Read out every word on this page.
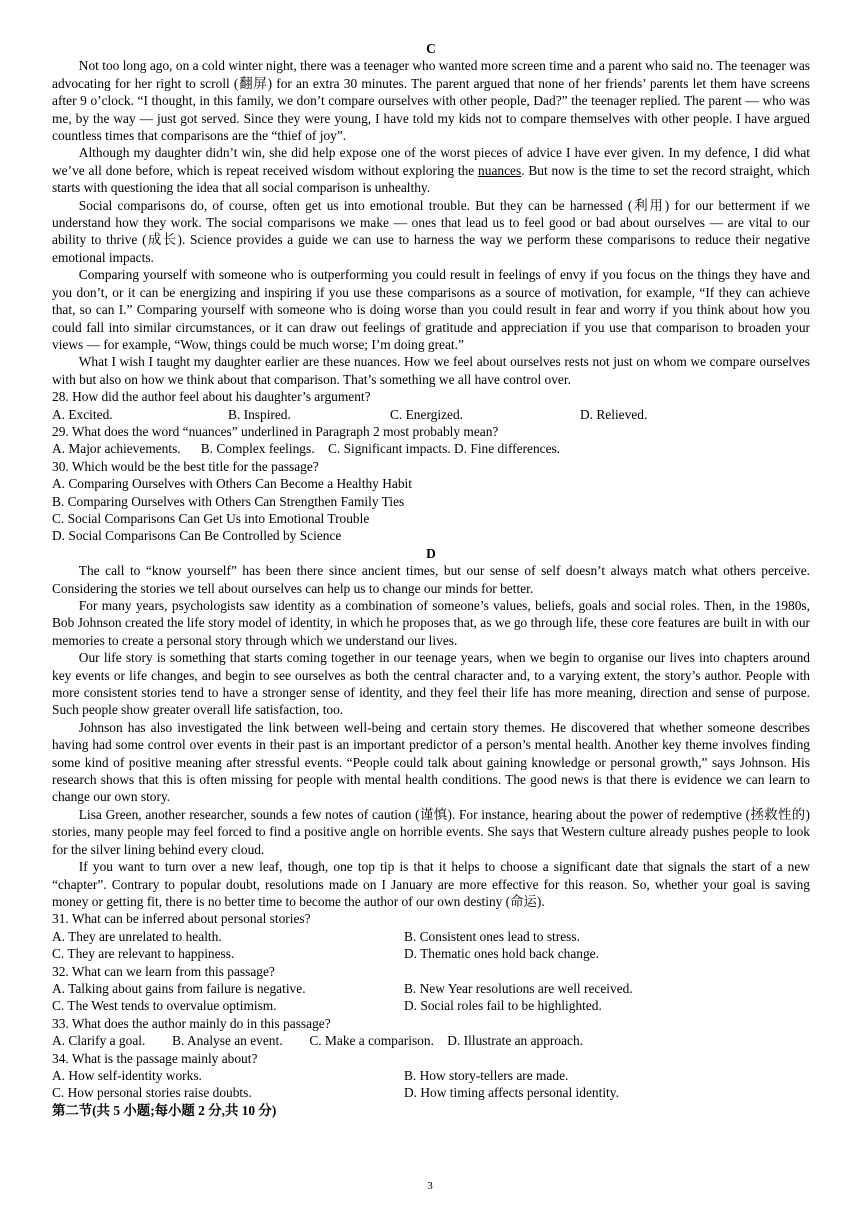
C

Not too long ago, on a cold winter night, there was a teenager who wanted more screen time and a parent who said no. The teenager was advocating for her right to scroll (翻屏) for an extra 30 minutes. The parent argued that none of her friends’ parents let them have screens after 9 o’clock. “I thought, in this family, we don’t compare ourselves with other people, Dad?” the teenager replied. The parent — who was me, by the way — just got served. Since they were young, I have told my kids not to compare themselves with other people. I have argued countless times that comparisons are the “thief of joy”.

Although my daughter didn’t win, she did help expose one of the worst pieces of advice I have ever given. In my defence, I did what we’ve all done before, which is repeat received wisdom without exploring the nuances. But now is the time to set the record straight, which starts with questioning the idea that all social comparison is unhealthy.

Social comparisons do, of course, often get us into emotional trouble. But they can be harnessed (利用) for our betterment if we understand how they work. The social comparisons we make — ones that lead us to feel good or bad about ourselves — are vital to our ability to thrive (成长). Science provides a guide we can use to harness the way we perform these comparisons to reduce their negative emotional impacts.

Comparing yourself with someone who is outperforming you could result in feelings of envy if you focus on the things they have and you don’t, or it can be energizing and inspiring if you use these comparisons as a source of motivation, for example, “If they can achieve that, so can I.” Comparing yourself with someone who is doing worse than you could result in fear and worry if you think about how you could fall into similar circumstances, or it can draw out feelings of gratitude and appreciation if you use that comparison to broaden your views — for example, “Wow, things could be much worse; I’m doing great.”

What I wish I taught my daughter earlier are these nuances. How we feel about ourselves rests not just on whom we compare ourselves with but also on how we think about that comparison. That’s something we all have control over.

28. How did the author feel about his daughter’s argument?

A. Excited.	B. Inspired.	C. Energized.	D. Relieved.

29. What does the word “nuances” underlined in Paragraph 2 most probably mean?

A. Major achievements.      B. Complex feelings.    C. Significant impacts. D. Fine differences.

30. Which would be the best title for the passage?

A. Comparing Ourselves with Others Can Become a Healthy Habit

B. Comparing Ourselves with Others Can Strengthen Family Ties

C. Social Comparisons Can Get Us into Emotional Trouble

D. Social Comparisons Can Be Controlled by Science

D

The call to “know yourself” has been there since ancient times, but our sense of self doesn’t always match what others perceive. Considering the stories we tell about ourselves can help us to change our minds for better.

For many years, psychologists saw identity as a combination of someone’s values, beliefs, goals and social roles. Then, in the 1980s, Bob Johnson created the life story model of identity, in which he proposes that, as we go through life, these core features are built in with our memories to create a personal story through which we understand our lives.

Our life story is something that starts coming together in our teenage years, when we begin to organise our lives into chapters around key events or life changes, and begin to see ourselves as both the central character and, to a varying extent, the story’s author. People with more consistent stories tend to have a stronger sense of identity, and they feel their life has more meaning, direction and sense of purpose. Such people show greater overall life satisfaction, too.

Johnson has also investigated the link between well-being and certain story themes. He discovered that whether someone describes having had some control over events in their past is an important predictor of a person’s mental health. Another key theme involves finding some kind of positive meaning after stressful events. “People could talk about gaining knowledge or personal growth,” says Johnson. His research shows that this is often missing for people with mental health conditions. The good news is that there is evidence we can learn to change our own story.

Lisa Green, another researcher, sounds a few notes of caution (谨慎). For instance, hearing about the power of redemptive (拯救性的) stories, many people may feel forced to find a positive angle on horrible events. She says that Western culture already pushes people to look for the silver lining behind every cloud.

If you want to turn over a new leaf, though, one top tip is that it helps to choose a significant date that signals the start of a new “chapter”. Contrary to popular doubt, resolutions made on I January are more effective for this reason. So, whether your goal is saving money or getting fit, there is no better time to become the author of our own destiny (命运).

31. What can be inferred about personal stories?

A. They are unrelated to health.	B. Consistent ones lead to stress.
C. They are relevant to happiness.	D. Thematic ones hold back change.

32. What can we learn from this passage?

A. Talking about gains from failure is negative.	B. New Year resolutions are well received.
C. The West tends to overvalue optimism.	D. Social roles fail to be highlighted.

33. What does the author mainly do in this passage?

A. Clarify a goal.        B. Analyse an event.        C. Make a comparison.    D. Illustrate an approach.

34. What is the passage mainly about?

A. How self-identity works.	B. How story-tellers are made.
C. How personal stories raise doubts.	D. How timing affects personal identity.

第二节(共 5 小题;每小题 2 分,共 10 分)

3
